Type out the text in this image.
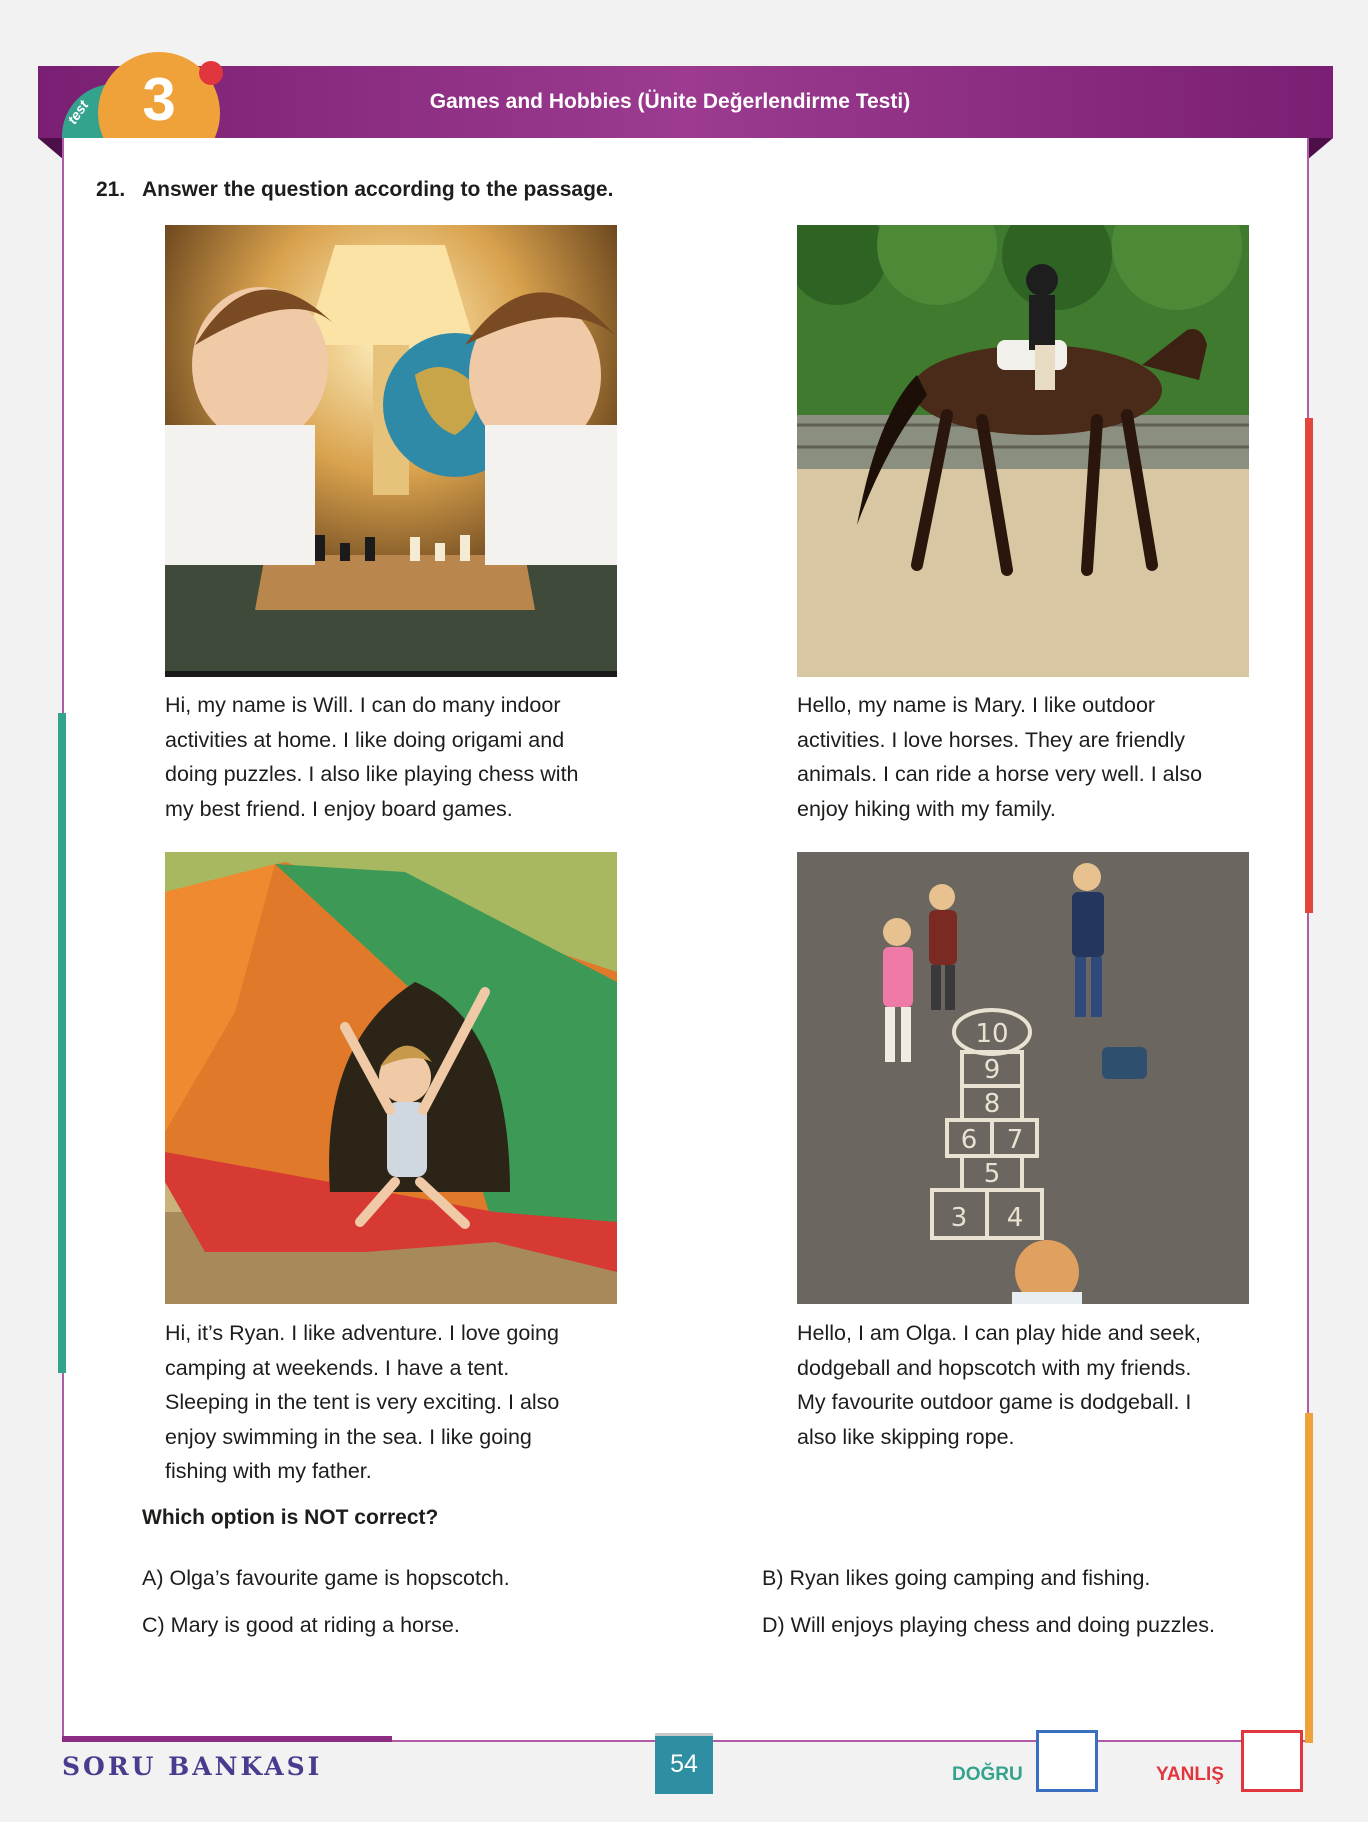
test 3	Games and Hobbies (Ünite Değerlendirme Testi)
21. Answer the question according to the passage.
Hi, my name is Will. I can do many indoor
activities at home. I like doing origami and
doing puzzles. I also like playing chess with
my best friend. I enjoy board games.
Hello, my name is Mary. I like outdoor
activities. I love horses. They are friendly
animals. I can ride a horse very well. I also
enjoy hiking with my family.
10
9
8
6 7
5
3 4
Hi, it’s Ryan. I like adventure. I love going
camping at weekends. I have a tent.
Sleeping in the tent is very exciting. I also
enjoy swimming in the sea. I like going
fishing with my father.
Hello, I am Olga. I can play hide and seek,
dodgeball and hopscotch with my friends.
My favourite outdoor game is dodgeball. I
also like skipping rope.
Which option is NOT correct?
A) Olga’s favourite game is hopscotch.	B) Ryan likes going camping and fishing.
C) Mary is good at riding a horse.	D) Will enjoys playing chess and doing puzzles.
SORU BANKASI	54	DOĞRU	YANLIŞ
